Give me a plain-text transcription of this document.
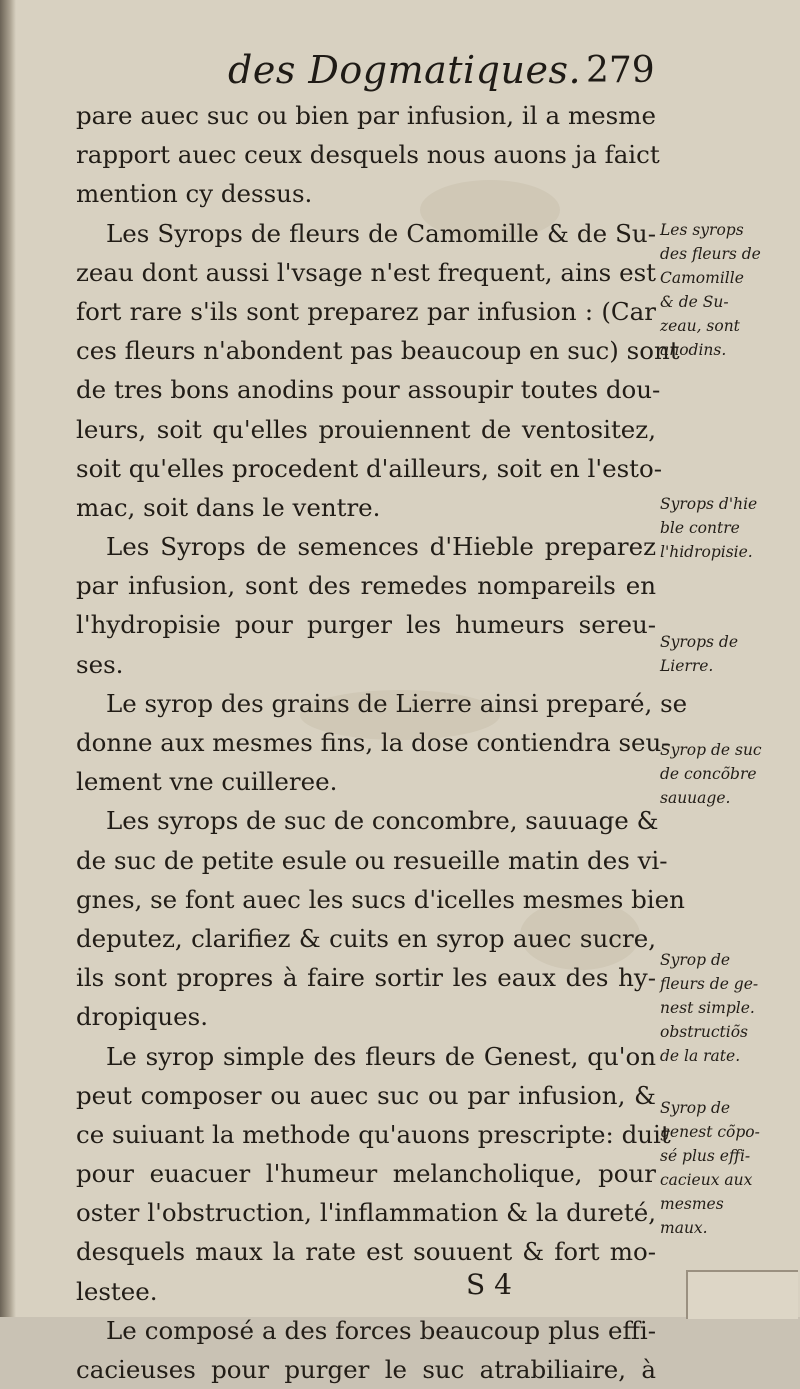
des Dogmatiques. 279
pare auec suc ou bien par infusion, il a mesme
rapport auec ceux desquels nous auons ja faict
mention cy dessus.
Les Syrops de fleurs de Camomille & de Su-
zeau dont aussi l'vsage n'est frequent, ains est
fort rare s'ils sont preparez par infusion : (Car
ces fleurs n'abondent pas beaucoup en suc) sont
de tres bons anodins pour assoupir toutes dou-
leurs, soit qu'elles prouiennent de ventositez,
soit qu'elles procedent d'ailleurs, soit en l'esto-
mac, soit dans le ventre.
Les Syrops de semences d'Hieble preparez
par infusion, sont des remedes nompareils en
l'hydropisie pour purger les humeurs sereu-
ses.
Le syrop des grains de Lierre ainsi preparé, se
donne aux mesmes fins, la dose contiendra seu-
lement vne cuilleree.
Les syrops de suc de concombre, sauuage &
de suc de petite esule ou resueille matin des vi-
gnes, se font auec les sucs d'icelles mesmes bien
deputez, clarifiez & cuits en syrop auec sucre,
ils sont propres à faire sortir les eaux des hy-
dropiques.
Le syrop simple des fleurs de Genest, qu'on
peut composer ou auec suc ou par infusion, &
ce suiuant la methode qu'auons prescripte: duit
pour euacuer l'humeur melancholique, pour
oster l'obstruction, l'inflammation & la dureté,
desquels maux la rate est souuent & fort mo-
lestee.
Le composé a des forces beaucoup plus effi-
cacieuses pour purger le suc atrabiliaire, à
Les syrops
des fleurs de
Camomille
& de Su-
zeau, sont
anodins.
Syrops d'hie
ble contre
l'hidropisie.
Syrops de
Lierre.
Syrop de suc
de concõbre
sauuage.
Syrop de
fleurs de ge-
nest simple.
obstructiõs
de la rate.
Syrop de
genest cõpo-
sé plus effi-
cacieux aux
mesmes
maux.
S 4
